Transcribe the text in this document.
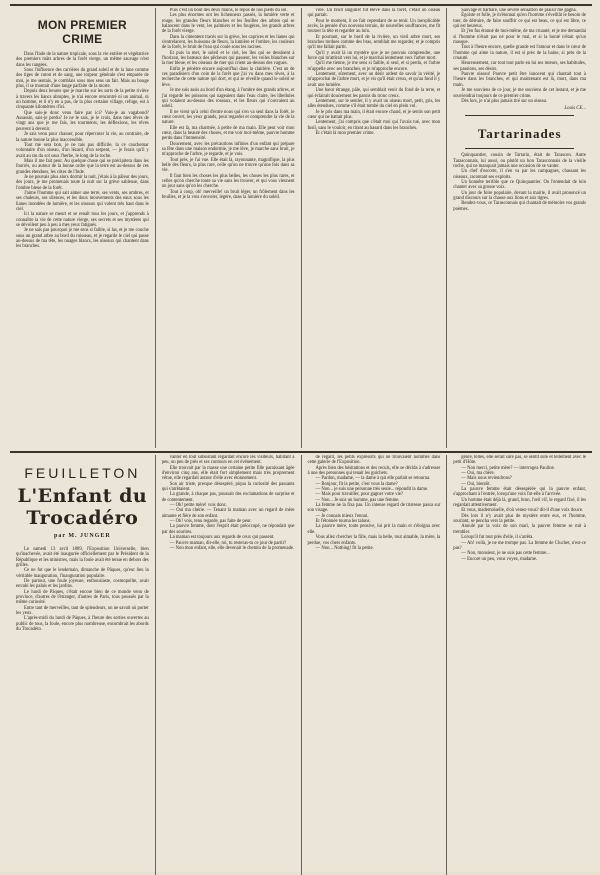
MON PREMIER CRIME

Dans l'Inde de la nature tropicale, sous la vie entière et végétatrice des premiers mâts arbres de la forêt vierge, un même sauvage n'est dans les rangées.

Sous l'influence des carrières du grand soleil et de la lune comme des tiges de coton et de sang, une torpeur générale s'est emparée de moi, je me sentais, je comblais sous mes sens un fait. Mais au bouge plus, il se montait d'une lange parfaite de la morte.

Depuis deux heures que je marche sur les sorts de la petite rivière à travers les bancs abruptes, je n'ai encore rencontré ni un animal, ni un homme, et il n'y en a pas, de la plus certaine village, refuge, est à cinquante kilomètres d'ici.

Que sais-je donc venu faire par ici? Vais-je au vagabond? Assassin, sais-je perdu? Je ne le sais, je le crois, dans mes rêves de vingt ans que je me fais, les tourments, les déflexions, les rêves peuvent à devenir.

Je sais venu pour chasser, pour répercuter la vie, au contraire, de la nature bonne la plus inaccessible.

Tout me sera bon, je ne tais pas difficile, la ce cauchemar volontaire d'un oiseau, d'un lézard, d'un serpent, — je ferais qu'il y avait au ras du sol sous l'herbe, le long de la roche.

Mais il me fait peur. Au quelque chose qui se précipitera dans les fourrés, ou autour de la bonne ordre que la terre est au-dessus de ces grandes étendues, les côtes de l'Inde.

Je ne pouvais plus alors dormir la nuit, j'étais à la pâleur des jours, des jours, je me promenais toute la nuit sur la grève sableuse, dans l'ombre bleue de la forêt.

J'aime l'homme qui sait aimer une terre, ses vents, ses ombres, et ses chaleurs, ses silences, et les doux mouvements des eaux sous les lianes inondées de lumière, et les oiseaux qui volent très haut dans le ciel.

Ici la nature se meurt et se renaît tous les jours, et j'apprends à connaître la vie de cette nature vierge, ses secrets et ses mystères qui se dévoilent peu à peu à mes yeux fatigués.

Je ne sais pas pourquoi je me sens si faible, si las, et je me couche sous un grand arbre au bord du ruisseau, et je regarde le ciel qui passe au-dessus de ma tête, les nuages blancs, les oiseaux qui chantent dans les branches.

Puis c'est un bout des deux mains, le repos de nos pieds du sol.

Les plus énormes ont les lichenneux passés, la lumière verte et rouge, les grandes fleurs blanches et les feuilles des arbres qui se balancent dans le vent, les palmiers et les fougères, les grands arbres de la forêt vierge.

Dans la cimentent tracés sur la grève, les caprices et les lianes qui s'entrelacent, les buissons de fleurs, la lumière et l'ombre, les couleurs de la forêt, le bruit de l'eau qui coule sous les racines.

Et puis la mer, le soleil et le ciel, les îles qui se dessinent à l'horizon, les bateaux des pêcheurs qui passent, les voiles blanches sur la mer bleue, et les oiseaux de mer qui crient au-dessus des vagues.

Enfin je pénètre encore aujourd'hui dans la clairière. C'est un de ces paradisiers d'un coin de la forêt que j'ai vu dans mes rêves, à la recherche de cette nature qui dort, et qui se réveille quand le soleil se lève.

Je me suis assis au bord d'un étang, à l'ombre des grands arbres, et j'ai regardé les poissons qui nageaient dans l'eau claire, les libellules qui volaient au-dessus des roseaux, et les fleurs qui s'ouvraient au soleil.

Il ne vient qu'à celui d'entre nous qui s'en va seul dans la forêt, le cœur ouvert, les yeux grands, pour regarder et comprendre la vie de la nature.

Elle est là, ma charmée, à petite de ma main. Elle peut voir mon cœur, dans la beauté des choses, et me voir moi-même, pauvre homme perdu dans l'immensité.

Doucement, avec les précautions infinies d'un enfant qui prépare sa fête dans une maison endormie, je me lève, je marche sans bruit, je m'approche de l'arbre, je regarde, et je vois.

Tout près, je l'ai vue. Elle était là, rayonnante, magnifique, la plus belle des fleurs, la plus rare, celle qu'on ne trouve qu'une fois dans sa vie.

Il faut bien les choses les plus belles, les choses les plus rares, et celles qu'on cherche toute sa vie sans les trouver, et qui vous viennent un jour sans qu'on les cherche.

Tout à coup, oh! merveille! un bruit léger, un frôlement dans les feuilles, et je la vois s'envoler, légère, dans la lumière du soleil.

vole. Un bruit singulier fut élévé dans la forêt, c'était un oiseau qui partait.

Pour le moment, il ne fait cependant de se tenir. Un inexplicable accès, la pensée d'un nouveau terrain, de nouvelles souffrances, me fit tourner la tête et regarder au loin.

Et pourtant, sur le bord de la rivière, un vieil arbre mort, ses branches tordues comme des bras, semblait me regarder, et je compris qu'il me fallait partir.

Qu'il y avait là un mystère que je ne pouvais comprendre, une force qui m'attirait vers lui, et je marchai lentement vers l'arbre mort.

Qu'il me tienne, je me sens si faible, si seul, et si perdu, et l'arbre m'appelle avec ses branches, et je m'approche encore.

Lentement, sûrement, avec un désir ardent de savoir la vérité, je m'approchai de l'arbre mort, et je vis qu'il était creux, et qu'au fond il y avait une lumière.

Une lueur étrange, pâle, qui semblait venir du fond de la terre, et qui éclairait doucement les parois du tronc creux.

Lentement, sur le sentier, il y avait un oiseau mort, petit, gris, les ailes étendues, comme s'il était tombé du ciel en plein vol.

Je le pris dans ma main, il était encore chaud, et je sentis son petit cœur qui ne battait plus.

Lentement, j'ai compris que c'était moi qui l'avais tué, avec mon fusil, sans le vouloir, en tirant au hasard dans les branches.

Et c'était là mon premier crime.

Sauvage et barbare, une sévère sensation de plaisir me gagna.

Égoïste et folle, je m'étonnai qu'en l'homme s'éveillât le besoin de tuer, de détruire, de faire souffrir ce qui est beau, ce qui est libre, ce qui est heureux.

Et j'en fus étonné de moi-même, de ma cruauté, et je me demandai si l'homme n'était pas né pour le mal, et si la bonté n'était qu'un masque.

Tout à l'heure encore, quelle grande est l'amour et dans le cœur de l'homme qui aime la nature, il est si près de la haine, si près de la cruauté.

Heureusement, car tout tout parle en lui ses mœurs, ses habitudes, ses passions, ses désirs.

Pauvre oiseau! Pauvre petit être innocent qui chantait tout à l'heure dans les branches, et qui maintenant est là, mort, dans ma main.

Je me souviens de ce jour, je me souviens de cet instant, et je me souviendrai toujours de ce premier crime.

Dès lors, je n'ai plus jamais tiré sur un oiseau.

Louis CE...
Tartarinades

Quinquantier, cousin de Tartarin, était de Tarascon. Autre Tarasconnais, lui aussi, ou plutôt un bon Tarasconnais de la vieille roche, qui ne manquait jamais une occasion de se vanter.

Un chef d'escorte, il s'en va par les campagnes, chassant les oiseaux, racontant ses exploits.

Un honnête terrible que ce Quinquantier. On l'entendait de loin chanter avec sa grosse voix.

Un jour de foire populaire, devant la mairie, il avait prononcé un grand discours sur la chasse aux lions et aux tigres.

Rendez-vous, ce Tarasconnais qui chantait de mémoire vos grands poèmes.

FEUILLETON
L'Enfant du Trocadéro
par M. JUNGER

Le samedi 13 avril 1889, l'Exposition Universelle, bien qu'inachevée, avait été inaugurée officiellement par le Président de la République et les ministres, mais la foule avait été tenue en dehors des grilles.

Ce ne fut que le lendemain, dimanche de Pâques, qu'eut lieu la véritable inauguration, l'inauguration populaire.

De partout, une foule joyeuse, enthousiaste, cosmopolite, avait envahi les palais et les jardins.

Le lundi de Pâques, c'était encore bien de ce monde venu de province, d'autres de l'étranger, d'autres de Paris, tous poussés par la même curiosité.

Entre tant de merveilles, tant de splendeurs, on ne savait où porter les yeux.

L'après-midi du lundi de Pâques, à l'heure des sorties ouvertes au public de tous, la foule, encore plus nombreuse, encombrait les abords du Trocadéro.

vanter en tout subsistant regardait encore les visiteurs, habitant à peu, un peu de près et ses contours en cet événement.

Elle trouvait par la masse une certaine petite fille paraissant âgée d'environ cinq ans, elle était fort simplement mais très proprement vêtue, elle regardait autour d'elle avec étonnement.

Son air triste, presque désespéré, piqua la curiosité des passants qui s'arrêtaient.

La grande, à chaque pas, poussait des exclamations de surprise et de contentement.

— Oh! petite mère! vois donc.

— Oui ma chérie. — Tenant la maman avec un regard de mère aimante et fière de son enfant.

— Oh! vois, tenu regarde, pas faite de peur.

La pauvre femme, dont l'esprit était préoccupé, ne répondait que par des sourires.

La maman est toujours aux regards de ceux qui passent.

— Pauvre maman, dit-elle, toi, tu resteras-tu ce jour de partir?

— Non mon enfant, elle, elle devenait le chemin de la promenade.

de regard, les petits expressifs qui ne trouvaient nommés dans cette galerie de l'Exposition.

Après bien des hésitations et des reculs, elle se décida à s'adresser à une des personnes qui tenait les guichets.

— Pardon, madame, — la dame à qui elle parlait se retourna.

— Bonjour, fit la petite, c'est vous la dame?

— Non... je suis une personne très seule... répondit la dame.

— Mais pour travailler, pour gagner votre vie?

— Non... Je suis un homme, pas une femme.

La femme ne la fixa pas. Un intense regard de tristesse passa sur son visage.

— Je connais mieux l'ennui.

Et l'étonnée tourna les talons.

La pauvre mère, toute pensive, lui prit la main et s'éloigna avec elle.

Vous allez chercher la fille, mais la belle, tout aimable, la mère, la perdue, vos chers enfants.

— Non... Nothing! fit la petite.

genre, telles, elle serait sûre pas, se sentit sûre et tellement avec le petit d'Hôte.

— Non merci, petite mère? — interrogea Pauline.

— Oui, ma chère.

— Mais nous reviendrons?

— Oui, bientôt.

La pauvre femme était désespérée qui la pauvre enfant, s'approchant à l'entrée, lorsqu'une voix fut-elle à l'arrivée.

Un homme était déjà là, grand, brun, l'œil vif, le regard fixé, il les regardait attentivement.

Et vous, mademoiselle, d'où venez-vous? dit-il d'une voix douce.

Dès lors il n'y avait plus de mystère entre eux, et l'homme, souriant, se pencha vers la petite.

Annulé par la voix de son mari, la pauvre femme se mit à trembler.

Lorsqu'il fut tout près d'elle, il s'arrêta.

— Ah! voilà, je ne me trompe pas. La femme de Cluchet, n'est-ce pas?

— Non, monsieur, je ne suis pas cette femme...

— Encore un peu, vous voyez, madame.
